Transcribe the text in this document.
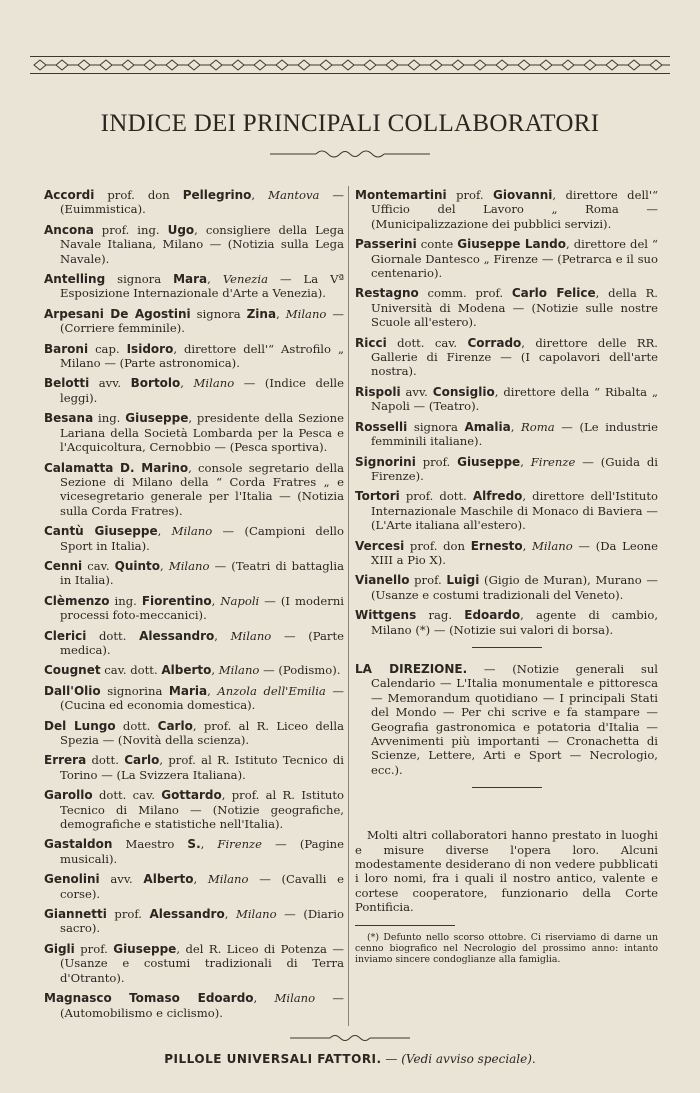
INDICE DEI PRINCIPALI COLLABORATORI
Accordi prof. don Pellegrino, Mantova — (Euimmistica).
Ancona prof. ing. Ugo, consigliere della Lega Navale Italiana, Milano — (Notizia sulla Lega Navale).
Antelling signora Mara, Venezia — La Vª Esposizione Internazionale d'Arte a Venezia).
Arpesani De Agostini signora Zina, Milano — (Corriere femminile).
Baroni cap. Isidoro, direttore dell'“ Astrofilo „ Milano — (Parte astronomica).
Belotti avv. Bortolo, Milano — (Indice delle leggi).
Besana ing. Giuseppe, presidente della Sezione Lariana della Società Lombarda per la Pesca e l'Acquicoltura, Cernobbio — (Pesca sportiva).
Calamatta D. Marino, console segretario della Sezione di Milano della “ Corda Fratres „ e vicesegretario generale per l'Italia — (Notizia sulla Corda Fratres).
Cantù Giuseppe, Milano — (Campioni dello Sport in Italia).
Cenni cav. Quinto, Milano — (Teatri di battaglia in Italia).
Clèmenzo ing. Fiorentino, Napoli — (I moderni processi foto-meccanici).
Clerici dott. Alessandro, Milano — (Parte medica).
Cougnet cav. dott. Alberto, Milano — (Podismo).
Dall'Olio signorina Maria, Anzola dell'Emilia — (Cucina ed economia domestica).
Del Lungo dott. Carlo, prof. al R. Liceo della Spezia — (Novità della scienza).
Errera dott. Carlo, prof. al R. Istituto Tecnico di Torino — (La Svizzera Italiana).
Garollo dott. cav. Gottardo, prof. al R. Istituto Tecnico di Milano — (Notizie geografiche, demografiche e statistiche nell'Italia).
Gastaldon Maestro S., Firenze — (Pagine musicali).
Genolini avv. Alberto, Milano — (Cavalli e corse).
Giannetti prof. Alessandro, Milano — (Diario sacro).
Gigli prof. Giuseppe, del R. Liceo di Potenza — (Usanze e costumi tradizionali di Terra d'Otranto).
Magnasco Tomaso Edoardo, Milano — (Automobilismo e ciclismo).
Montemartini prof. Giovanni, direttore dell'“ Ufficio del Lavoro „ Roma — (Municipalizzazione dei pubblici servizi).
Passerini conte Giuseppe Lando, direttore del “ Giornale Dantesco „ Firenze — (Petrarca e il suo centenario).
Restagno comm. prof. Carlo Felice, della R. Università di Modena — (Notizie sulle nostre Scuole all'estero).
Ricci dott. cav. Corrado, direttore delle RR. Gallerie di Firenze — (I capolavori dell'arte nostra).
Rispoli avv. Consiglio, direttore della “ Ribalta „ Napoli — (Teatro).
Rosselli signora Amalia, Roma — (Le industrie femminili italiane).
Signorini prof. Giuseppe, Firenze — (Guida di Firenze).
Tortori prof. dott. Alfredo, direttore dell'Istituto Internazionale Maschile di Monaco di Baviera — (L'Arte italiana all'estero).
Vercesi prof. don Ernesto, Milano — (Da Leone XIII a Pio X).
Vianello prof. Luigi (Gigio de Muran), Murano — (Usanze e costumi tradizionali del Veneto).
Wittgens rag. Edoardo, agente di cambio, Milano (*) — (Notizie sui valori di borsa).
LA DIREZIONE. — (Notizie generali sul Calendario — L'Italia monumentale e pittoresca — Memorandum quotidiano — I principali Stati del Mondo — Per chi scrive e fa stampare — Geografia gastronomica e potatoria d'Italia — Avvenimenti più importanti — Cronachetta di Scienze, Lettere, Arti e Sport — Necrologio, ecc.).
Molti altri collaboratori hanno prestato in luoghi e misure diverse l'opera loro. Alcuni modestamente desiderano di non vedere pubblicati i loro nomi, fra i quali il nostro antico, valente e cortese cooperatore, funzionario della Corte Pontificia.
(*) Defunto nello scorso ottobre. Ci riserviamo di darne un cenno biografico nel Necrologio del prossimo anno: intanto inviamo sincere condoglianze alla famiglia.
PILLOLE UNIVERSALI FATTORI. — (Vedi avviso speciale).
